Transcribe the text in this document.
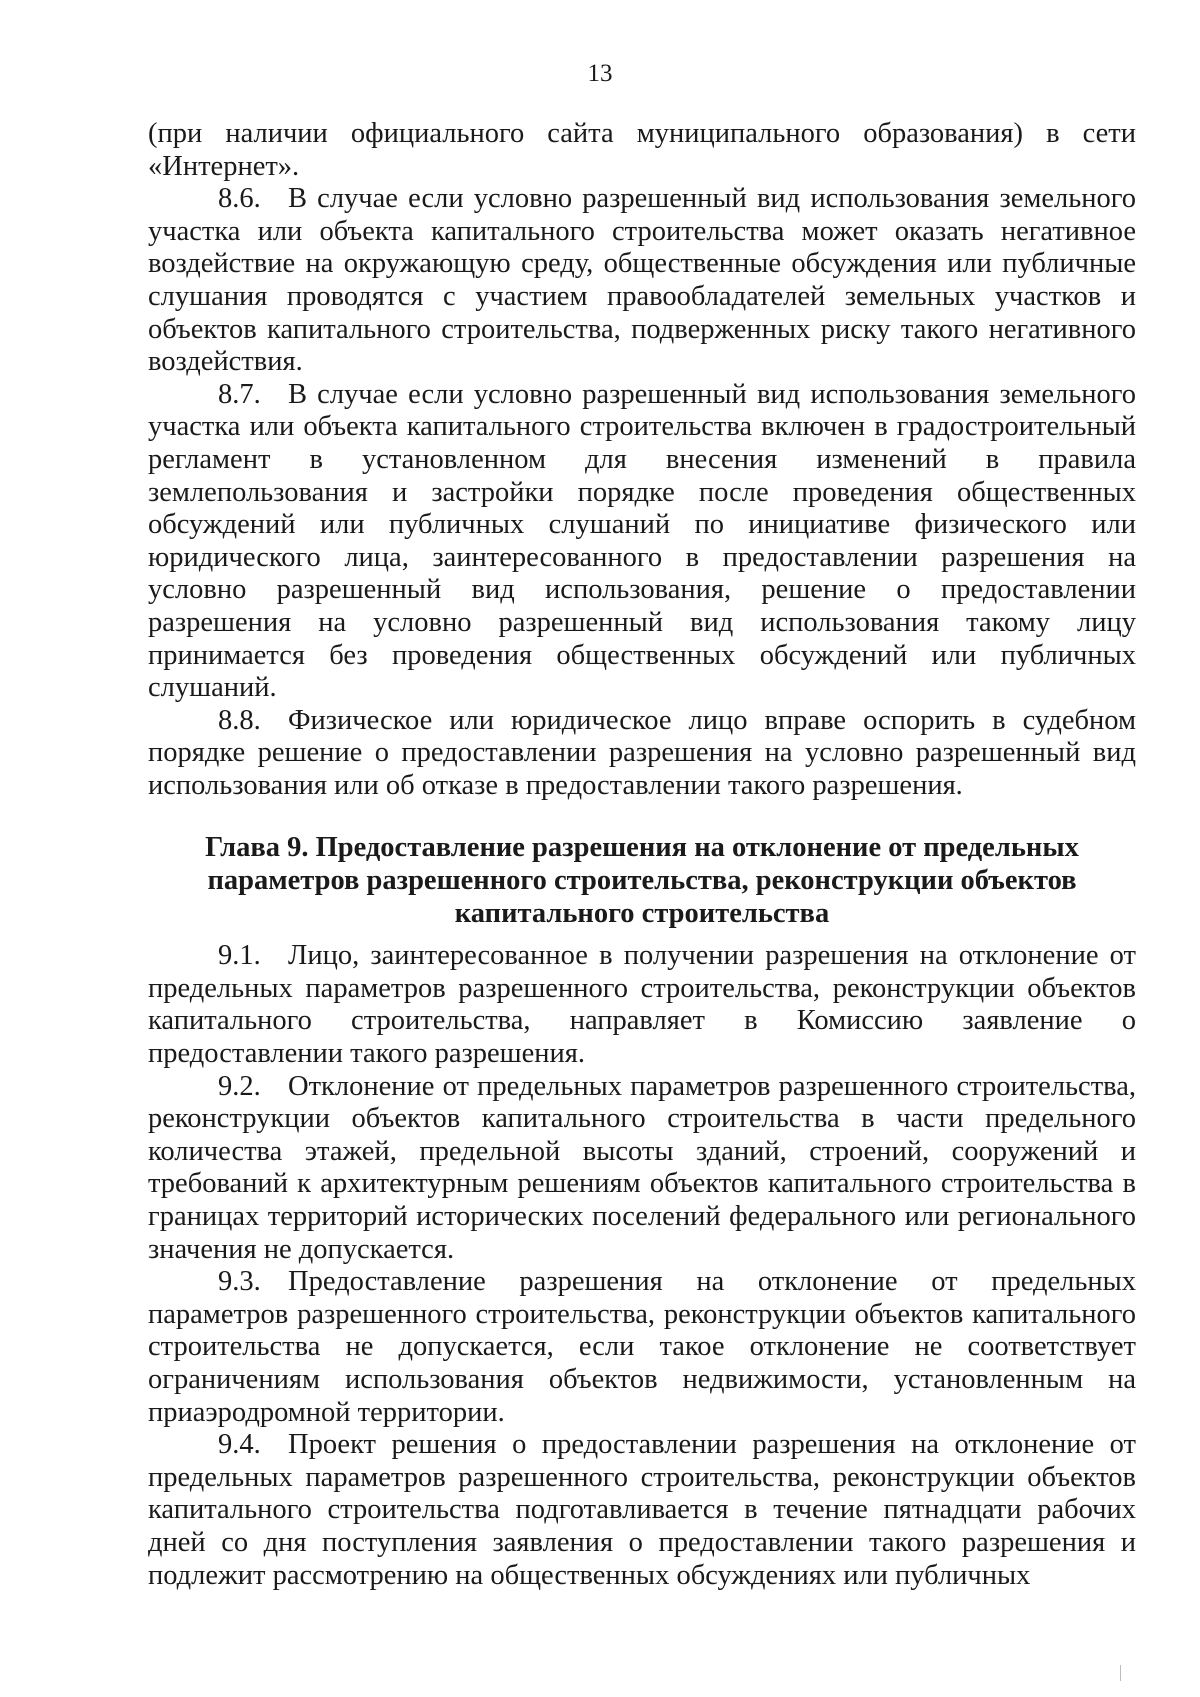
13

(при наличии официального сайта муниципального образования) в сети «Интернет».

8.6. В случае если условно разрешенный вид использования земельного участка или объекта капитального строительства может оказать негативное воздействие на окружающую среду, общественные обсуждения или публичные слушания проводятся с участием правообладателей земельных участков и объектов капитального строительства, подверженных риску такого негативного воздействия.

8.7. В случае если условно разрешенный вид использования земельного участка или объекта капитального строительства включен в градостроительный регламент в установленном для внесения изменений в правила землепользования и застройки порядке после проведения общественных обсуждений или публичных слушаний по инициативе физического или юридического лица, заинтересованного в предоставлении разрешения на условно разрешенный вид использования, решение о предоставлении разрешения на условно разрешенный вид использования такому лицу принимается без проведения общественных обсуждений или публичных слушаний.

8.8. Физическое или юридическое лицо вправе оспорить в судебном порядке решение о предоставлении разрешения на условно разрешенный вид использования или об отказе в предоставлении такого разрешения.

Глава 9. Предоставление разрешения на отклонение от предельных параметров разрешенного строительства, реконструкции объектов капитального строительства

9.1. Лицо, заинтересованное в получении разрешения на отклонение от предельных параметров разрешенного строительства, реконструкции объектов капитального строительства, направляет в Комиссию заявление о предоставлении такого разрешения.

9.2. Отклонение от предельных параметров разрешенного строительства, реконструкции объектов капитального строительства в части предельного количества этажей, предельной высоты зданий, строений, сооружений и требований к архитектурным решениям объектов капитального строительства в границах территорий исторических поселений федерального или регионального значения не допускается.

9.3. Предоставление разрешения на отклонение от предельных параметров разрешенного строительства, реконструкции объектов капитального строительства не допускается, если такое отклонение не соответствует ограничениям использования объектов недвижимости, установленным на приаэродромной территории.

9.4. Проект решения о предоставлении разрешения на отклонение от предельных параметров разрешенного строительства, реконструкции объектов капитального строительства подготавливается в течение пятнадцати рабочих дней со дня поступления заявления о предоставлении такого разрешения и подлежит рассмотрению на общественных обсуждениях или публичных
